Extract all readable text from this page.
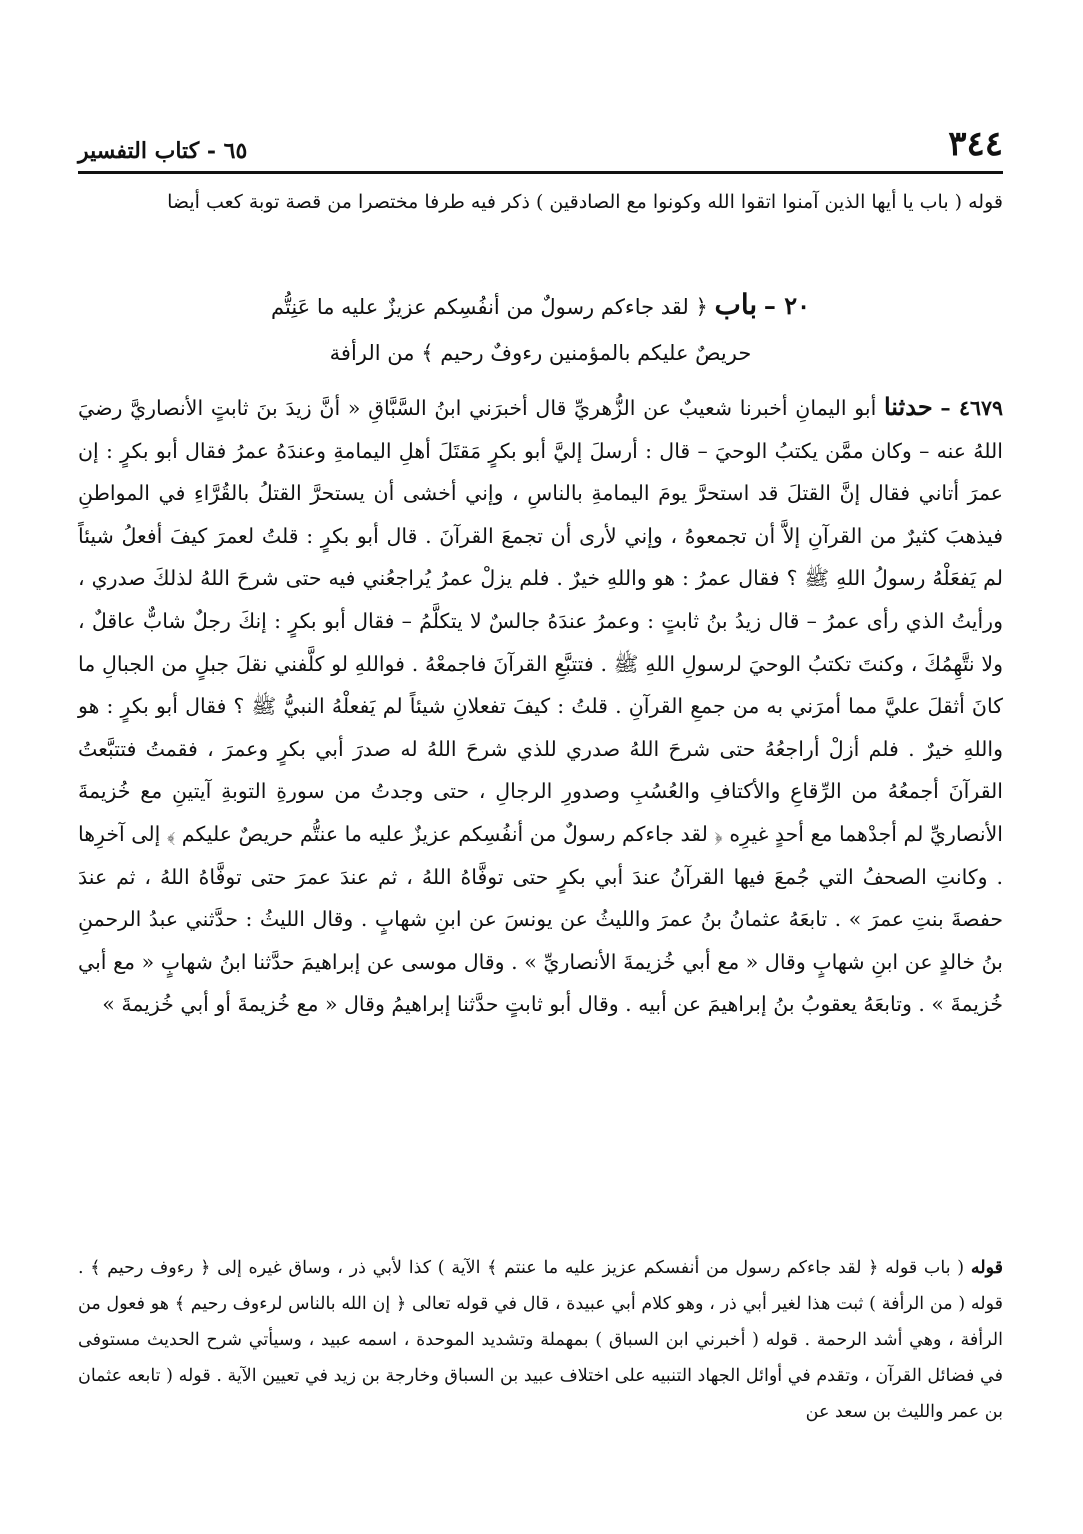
٣٤٤
٦٥ - كتاب التفسير
قوله ( باب يا أيها الذين آمنوا اتقوا الله وكونوا مع الصادقين ) ذكر فيه طرفا مختصرا من قصة توبة كعب أيضا
٢٠ – باب ﴿ لقد جاءكم رسولٌ من أنفُسِكم عزيزٌ عليه ما عَنِتُّم
حريصٌ عليكم بالمؤمنين رءوفٌ رحيم ﴾ من الرأفة
٤٦٧٩ – حدثنا أبو اليمانِ أخبرنا شعيبٌ عن الزُّهريِّ قال أخبرَني ابنُ السَّبَّاقِ « أنَّ زيدَ بنَ ثابتٍ الأنصاريَّ رضيَ اللهُ عنه – وكان ممَّن يكتبُ الوحيَ – قال : أرسلَ إليَّ أبو بكرٍ مَقتَلَ أهلِ اليمامةِ وعندَهُ عمرُ فقال أبو بكرٍ : إن عمرَ أتاني فقال إنَّ القتلَ قد استحرَّ يومَ اليمامةِ بالناسِ ، وإني أخشى أن يستحرَّ القتلُ بالقُرَّاءِ في المواطنِ فيذهبَ كثيرٌ من القرآنِ إلاَّ أن تجمعوهُ ، وإني لأرى أن تجمعَ القرآنَ . قال أبو بكرٍ : قلتُ لعمرَ كيفَ أفعلُ شيئاً لم يَفعَلْهُ رسولُ اللهِ ﷺ ؟ فقال عمرُ : هو واللهِ خيرٌ . فلم يزلْ عمرُ يُراجعُني فيه حتى شرحَ اللهُ لذلكَ صدري ، ورأيتُ الذي رأى عمرُ – قال زيدُ بنُ ثابتٍ : وعمرُ عندَهُ جالسٌ لا يتكلَّمُ – فقال أبو بكرٍ : إنكَ رجلٌ شابٌّ عاقلٌ ، ولا نتَّهِمُكَ ، وكنتَ تكتبُ الوحيَ لرسولِ اللهِ ﷺ . فتتبَّعِ القرآنَ فاجمعْهُ . فواللهِ لو كلَّفني نقلَ جبلٍ من الجبالِ ما كانَ أثقلَ عليَّ مما أمرَني به من جمعِ القرآنِ . قلتُ : كيفَ تفعلانِ شيئاً لم يَفعلْهُ النبيُّ ﷺ ؟ فقال أبو بكرٍ : هو واللهِ خيرٌ . فلم أزلْ أراجعُهُ حتى شرحَ اللهُ صدري للذي شرحَ اللهُ له صدرَ أبي بكرٍ وعمرَ ، فقمتُ فتتبَّعتُ القرآنَ أجمعُهُ من الرِّقاعِ والأكتافِ والعُسُبِ وصدورِ الرجالِ ، حتى وجدتُ من سورةِ التوبةِ آيتينِ مع خُزيمةَ الأنصاريِّ لم أجدْهما مع أحدٍ غيرِه ﴿ لقد جاءكم رسولٌ من أنفُسِكم عزيزٌ عليه ما عنتُّم حريصٌ عليكم ﴾ إلى آخرِها . وكانتِ الصحفُ التي جُمعَ فيها القرآنُ عندَ أبي بكرٍ حتى توفَّاهُ اللهُ ، ثم عندَ عمرَ حتى توفَّاهُ اللهُ ، ثم عندَ حفصةَ بنتِ عمرَ » . تابعَهُ عثمانُ بنُ عمرَ والليثُ عن يونسَ عن ابنِ شهابٍ . وقال الليثُ : حدَّثني عبدُ الرحمنِ بنُ خالدٍ عن ابنِ شهابٍ وقال « مع أبي خُزيمةَ الأنصاريِّ » . وقال موسى عن إبراهيمَ حدَّثنا ابنُ شهابٍ « مع أبي خُزيمةَ » . وتابعَهُ يعقوبُ بنُ إبراهيمَ عن أبيه . وقال أبو ثابتٍ حدَّثنا إبراهيمُ وقال « مع خُزيمةَ أو أبي خُزيمةَ »
قوله ( باب قوله ﴿ لقد جاءكم رسول من أنفسكم عزيز عليه ما عنتم ﴾ الآية ) كذا لأبي ذر ، وساق غيره إلى ﴿ رءوف رحيم ﴾ . قوله ( من الرأفة ) ثبت هذا لغير أبي ذر ، وهو كلام أبي عبيدة ، قال في قوله تعالى ﴿ إن الله بالناس لرءوف رحيم ﴾ هو فعول من الرأفة ، وهي أشد الرحمة . قوله ( أخبرني ابن السباق ) بمهملة وتشديد الموحدة ، اسمه عبيد ، وسيأتي شرح الحديث مستوفى في فضائل القرآن ، وتقدم في أوائل الجهاد التنبيه على اختلاف عبيد بن السباق وخارجة بن زيد في تعيين الآية . قوله ( تابعه عثمان بن عمر والليث بن سعد عن
